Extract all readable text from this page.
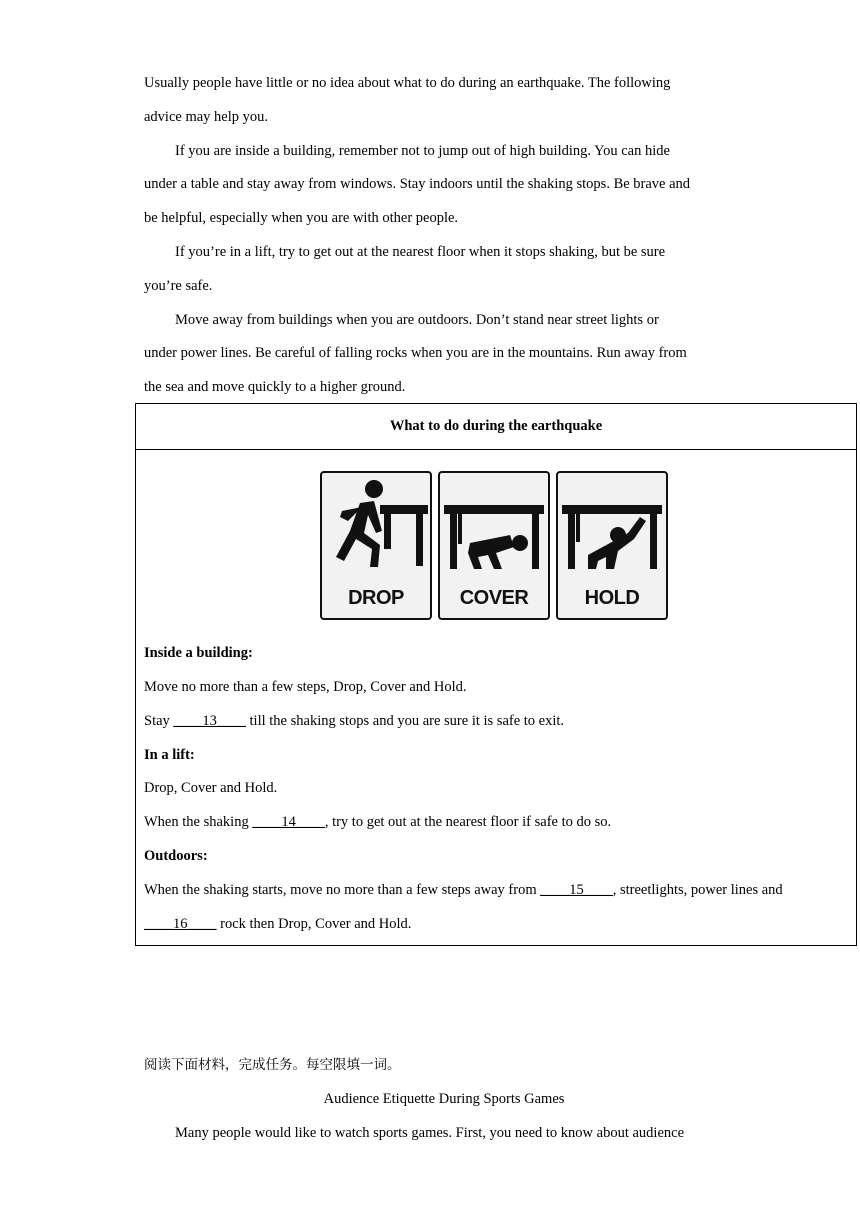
Usually people have little or no idea about what to do during an earthquake. The following
advice may help you.
If you are inside a building, remember not to jump out of high building. You can hide
under a table and stay away from windows. Stay indoors until the shaking stops. Be brave and
be helpful, especially when you are with other people.
If you’re in a lift, try to get out at the nearest floor when it stops shaking, but be sure
you’re safe.
Move away from buildings when you are outdoors. Don’t stand near street lights or
under power lines. Be careful of falling rocks when you are in the mountains. Run away from
the sea and move quickly to a higher ground.
What to do during the earthquake
DROP	COVER	HOLD
Inside a building:
Move no more than a few steps, Drop, Cover and Hold.
Stay ____13____ till the shaking stops and you are sure it is safe to exit.
In a lift:
Drop, Cover and Hold.
When the shaking ____14____, try to get out at the nearest floor if safe to do so.
Outdoors:
When the shaking starts, move no more than a few steps away from ____15____, streetlights, power lines and
____16____ rock then Drop, Cover and Hold.
阅读下面材料，完成任务。每空限填一词。
Audience Etiquette During Sports Games
Many people would like to watch sports games. First, you need to know about audience
